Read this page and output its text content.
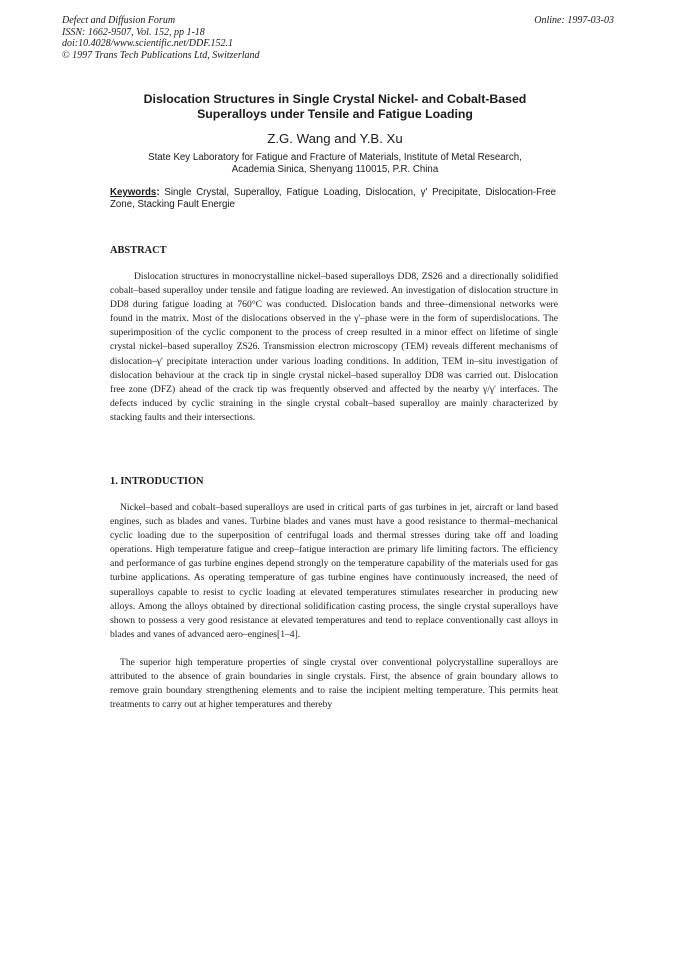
Defect and Diffusion Forum
ISSN: 1662-9507, Vol. 152, pp 1-18
doi:10.4028/www.scientific.net/DDF.152.1
© 1997 Trans Tech Publications Ltd, Switzerland
Online: 1997-03-03
Dislocation Structures in Single Crystal Nickel- and Cobalt-Based
Superalloys under Tensile and Fatigue Loading
Z.G. Wang and Y.B. Xu
State Key Laboratory for Fatigue and Fracture of Materials, Institute of Metal Research,
Academia Sinica, Shenyang 110015, P.R. China
Keywords: Single Crystal, Superalloy, Fatigue Loading, Dislocation, γ' Precipitate, Dislocation-Free Zone, Stacking Fault Energie
ABSTRACT

Dislocation structures in monocrystalline nickel–based superalloys DD8, ZS26 and a directionally solidified cobalt–based superalloy under tensile and fatigue loading are reviewed. An investigation of dislocation structure in DD8 during fatigue loading at 760°C was conducted. Dislocation bands and three–dimensional networks were found in the matrix. Most of the dislocations observed in the γ'–phase were in the form of superdislocations. The superimposition of the cyclic component to the process of creep resulted in a minor effect on lifetime of single crystal nickel–based superalloy ZS26. Transmission electron microscopy (TEM) reveals different mechanisms of dislocation–γ' precipitate interaction under various loading conditions. In addition, TEM in–situ investigation of dislocation behaviour at the crack tip in single crystal nickel–based superalloy DD8 was carried out. Dislocation free zone (DFZ) ahead of the crack tip was frequently observed and affected by the nearby γ/γ' interfaces. The defects induced by cyclic straining in the single crystal cobalt–based superalloy are mainly characterized by stacking faults and their intersections.

1. INTRODUCTION

Nickel–based and cobalt–based superalloys are used in critical parts of gas turbines in jet, aircraft or land based engines, such as blades and vanes. Turbine blades and vanes must have a good resistance to thermal–mechanical cyclic loading due to the superposition of centrifugal loads and thermal stresses during take off and loading operations. High temperature fatigue and creep–fatigue interaction are primary life limiting factors. The efficiency and performance of gas turbine engines depend strongly on the temperature capability of the materials used for gas turbine applications. As operating temperature of gas turbine engines have continuously increased, the need of superalloys capable to resist to cyclic loading at elevated temperatures stimulates researcher in producing new alloys. Among the alloys obtained by directional solidification casting process, the single crystal superalloys have shown to possess a very good resistance at elevated temperatures and tend to replace conventionally cast alloys in blades and vanes of advanced aero–engines[1–4].

The superior high temperature properties of single crystal over conventional polycrystalline superalloys are attributed to the absence of grain boundaries in single crystals. First, the absence of grain boundary allows to remove grain boundary strengthening elements and to raise the incipient melting temperature. This permits heat treatments to carry out at higher temperatures and thereby
